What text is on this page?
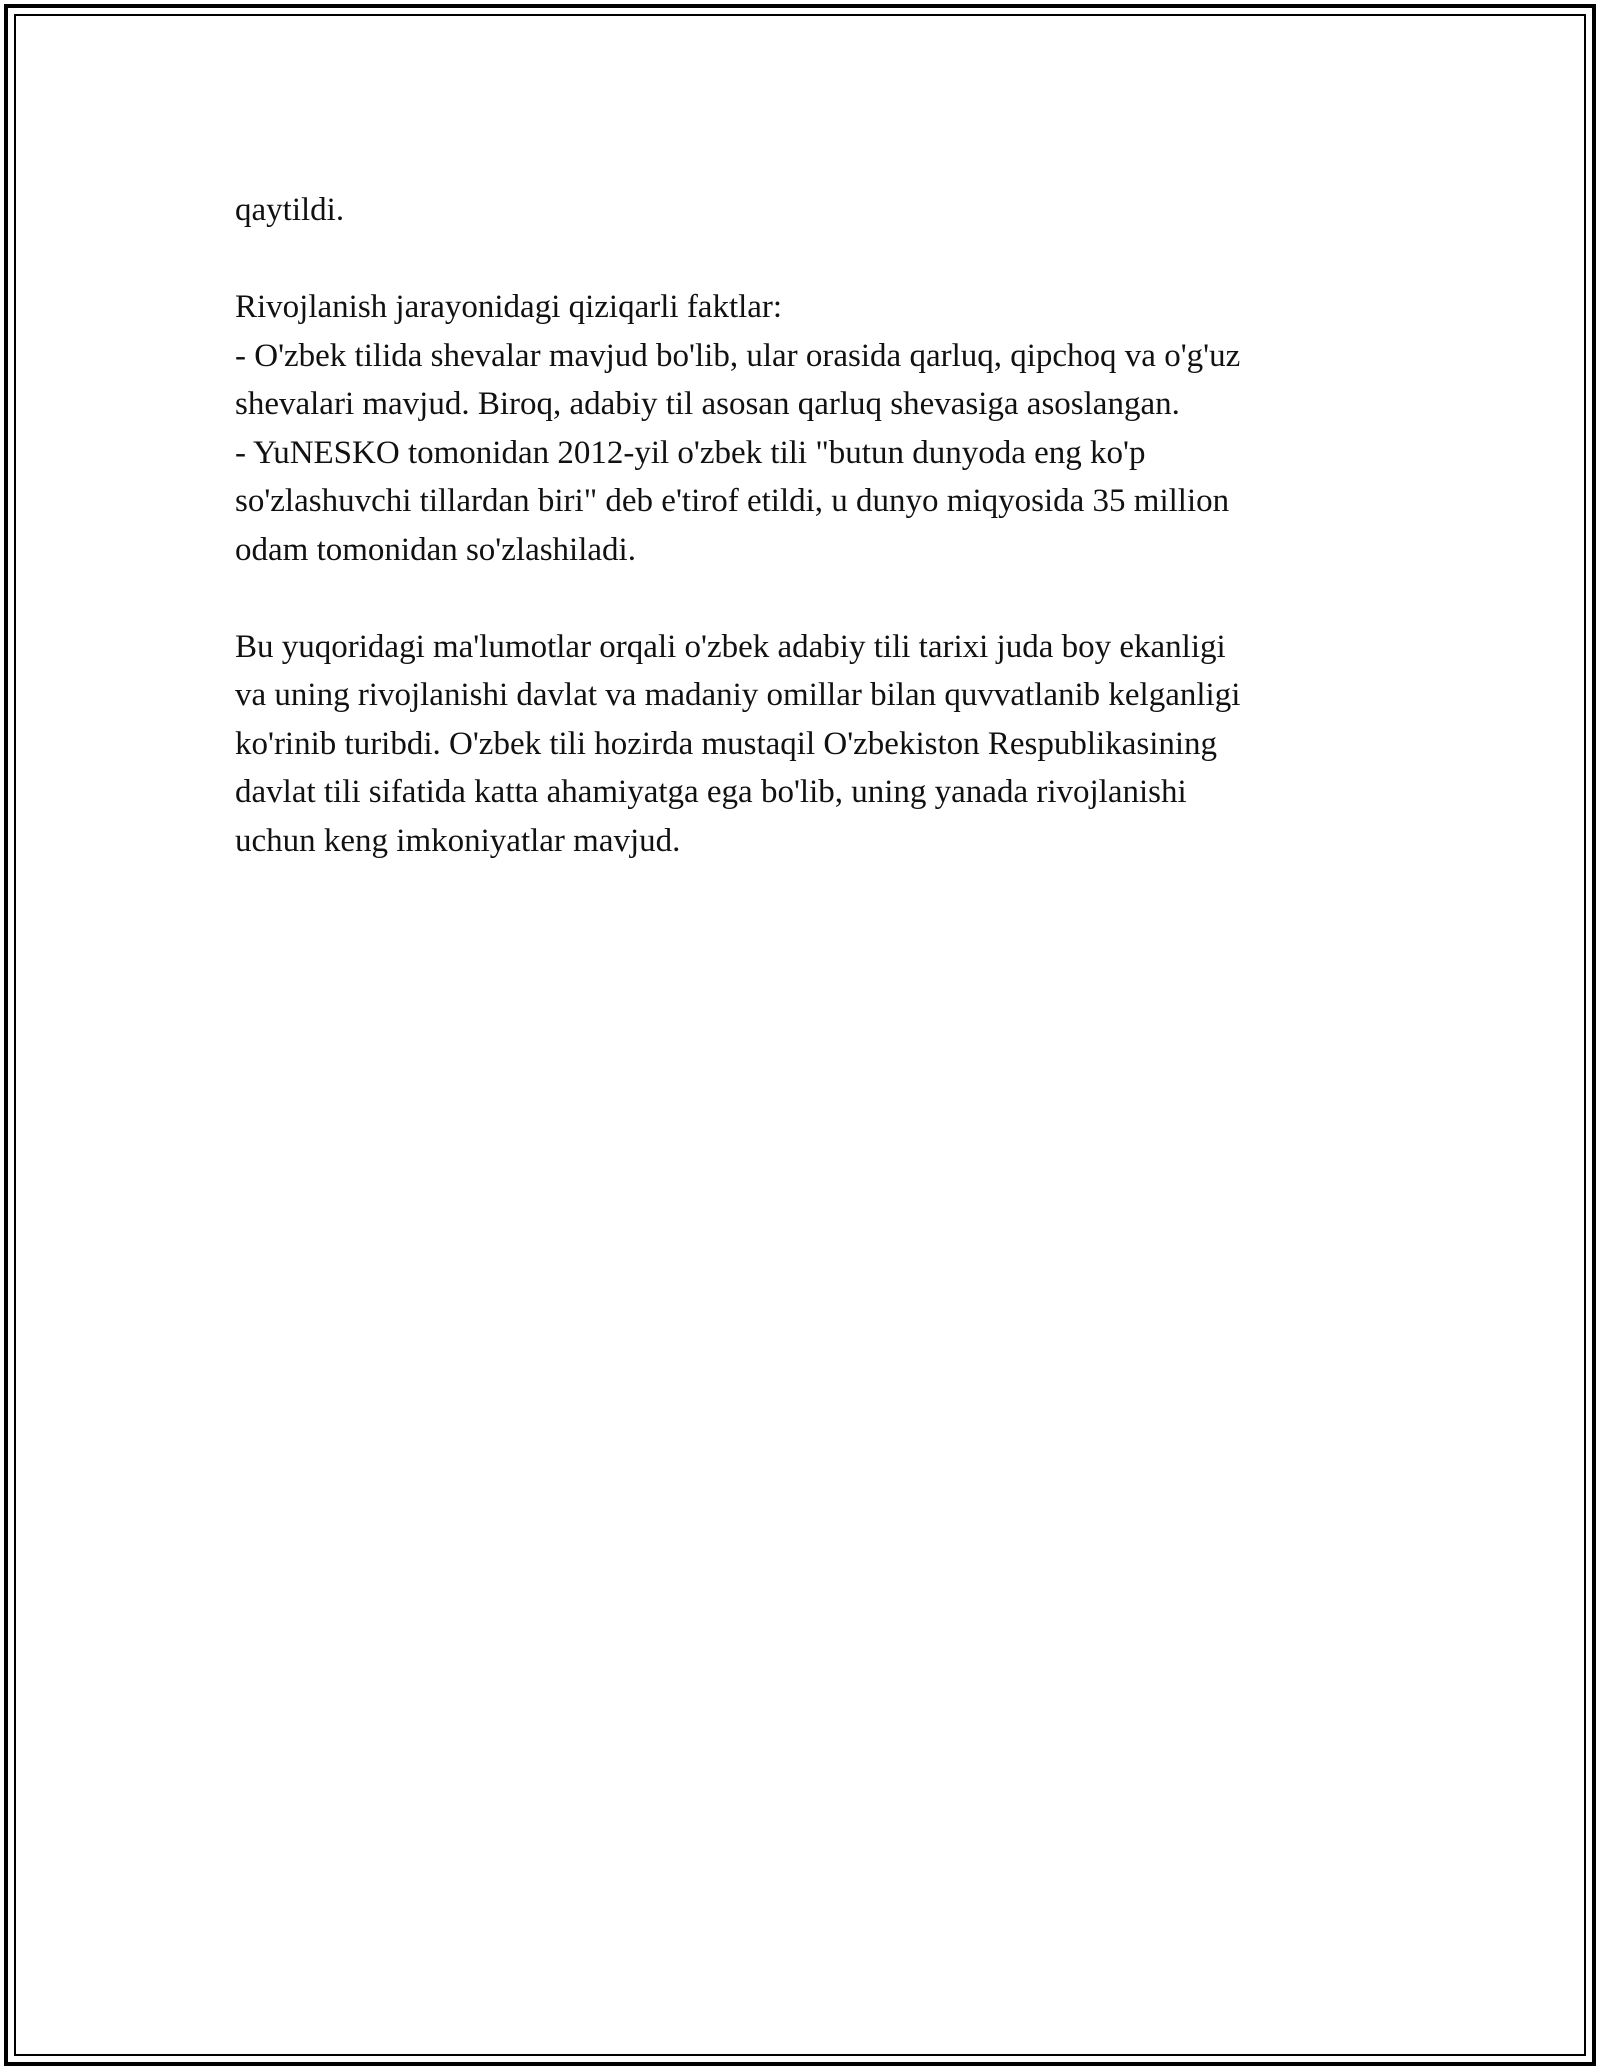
qaytildi.
Rivojlanish jarayonidagi qiziqarli faktlar:
- O'zbek tilida shevalar mavjud bo'lib, ular orasida qarluq, qipchoq va o'g'uz
shevalari mavjud. Biroq, adabiy til asosan qarluq shevasiga asoslangan.
- YuNESKO tomonidan 2012-yil o'zbek tili "butun dunyoda eng ko'p
so'zlashuvchi tillardan biri" deb e'tirof etildi, u dunyo miqyosida 35 million
odam tomonidan so'zlashiladi.
Bu yuqoridagi ma'lumotlar orqali o'zbek adabiy tili tarixi juda boy ekanligi
va uning rivojlanishi davlat va madaniy omillar bilan quvvatlanib kelganligi
ko'rinib turibdi. O'zbek tili hozirda mustaqil O'zbekiston Respublikasining
davlat tili sifatida katta ahamiyatga ega bo'lib, uning yanada rivojlanishi
uchun keng imkoniyatlar mavjud.
